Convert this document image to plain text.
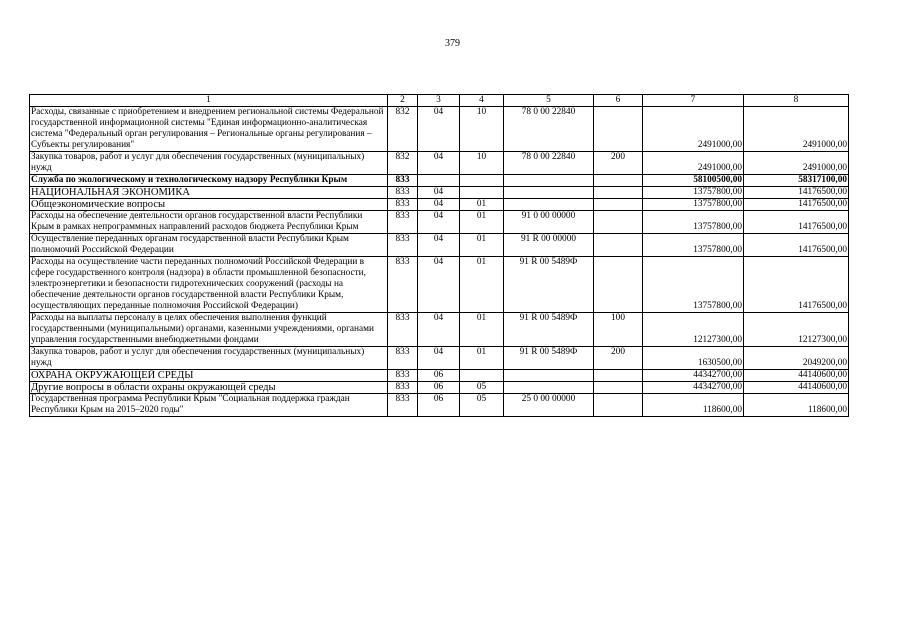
379
1	2	3	4	5	6	7	8
Расходы, связанные с приобретением и внедрением региональной системы Федеральной государственной информационной системы "Единая информационно-аналитическая система "Федеральный орган регулирования – Региональные органы регулирования – Субъекты регулирования"	832	04	10	78 0 00 22840		2491000,00	2491000,00
Закупка товаров, работ и услуг для обеспечения государственных (муниципальных) нужд	832	04	10	78 0 00 22840	200	2491000,00	2491000,00
Служба по экологическому и технологическому надзору Республики Крым	833					58100500,00	58317100,00
НАЦИОНАЛЬНАЯ ЭКОНОМИКА	833	04				13757800,00	14176500,00
Общеэкономические вопросы	833	04	01			13757800,00	14176500,00
Расходы на обеспечение деятельности органов государственной власти Республики Крым в рамках непрограммных направлений расходов бюджета Республики Крым	833	04	01	91 0 00 00000		13757800,00	14176500,00
Осуществление переданных органам государственной власти Республики Крым полномочий Российской Федерации	833	04	01	91 R 00 00000		13757800,00	14176500,00
Расходы на осуществление части переданных полномочий Российской Федерации в сфере государственного контроля (надзора) в области промышленной безопасности, электроэнергетики и безопасности гидротехнических сооружений (расходы на обеспечение деятельности органов государственной власти Республики Крым, осуществляющих переданные полномочия Российской Федерации)	833	04	01	91 R 00 5489Ф		13757800,00	14176500,00
Расходы на выплаты персоналу в целях обеспечения выполнения функций государственными (муниципальными) органами, казенными учреждениями, органами управления государственными внебюджетными фондами	833	04	01	91 R 00 5489Ф	100	12127300,00	12127300,00
Закупка товаров, работ и услуг для обеспечения государственных (муниципальных) нужд	833	04	01	91 R 00 5489Ф	200	1630500,00	2049200,00
ОХРАНА ОКРУЖАЮЩЕЙ СРЕДЫ	833	06				44342700,00	44140600,00
Другие вопросы в области охраны окружающей среды	833	06	05			44342700,00	44140600,00
Государственная программа Республики Крым "Социальная поддержка граждан Республики Крым на 2015–2020 годы"	833	06	05	25 0 00 00000		118600,00	118600,00
